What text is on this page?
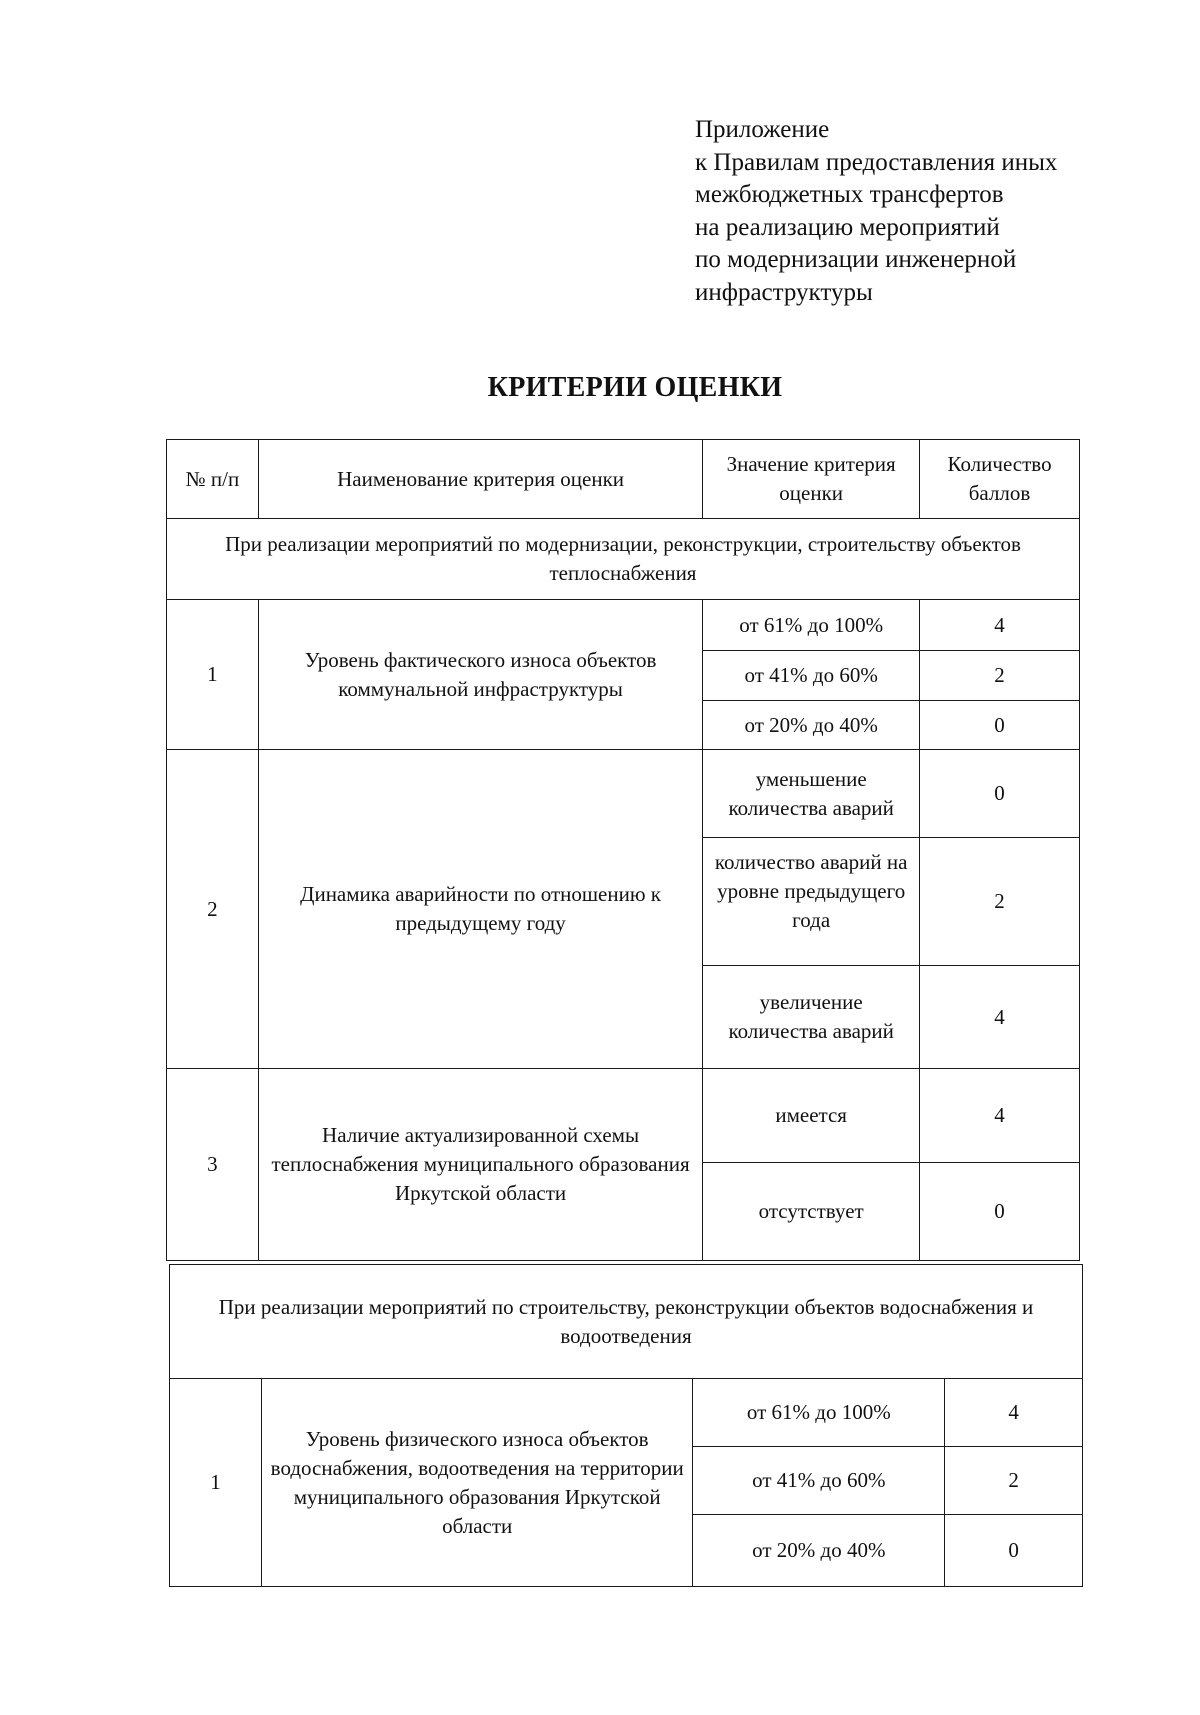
Приложение
к Правилам предоставления иных
межбюджетных трансфертов
на реализацию мероприятий
по модернизации инженерной
инфраструктуры
КРИТЕРИИ ОЦЕНКИ
№ п/п	Наименование критерия оценки	Значение критерия оценки	Количество баллов
При реализации мероприятий по модернизации, реконструкции, строительству объектов теплоснабжения			
1	Уровень фактического износа объектов коммунальной инфраструктуры	от 61% до 100%	4
		от 41% до 60%	2
		от 20% до 40%	0
2	Динамика аварийности по отношению к предыдущему году	уменьшение количества аварий	0
		количество аварий на уровне предыдущего года	2
		увеличение количества аварий	4
3	Наличие актуализированной схемы теплоснабжения муниципального образования Иркутской области	имеется	4
		отсутствует	0
При реализации мероприятий по строительству, реконструкции объектов водоснабжения и водоотведения			
1	Уровень физического износа объектов водоснабжения, водоотведения на территории муниципального образования Иркутской области	от 61% до 100%	4
		от 41% до 60%	2
		от 20% до 40%	0
